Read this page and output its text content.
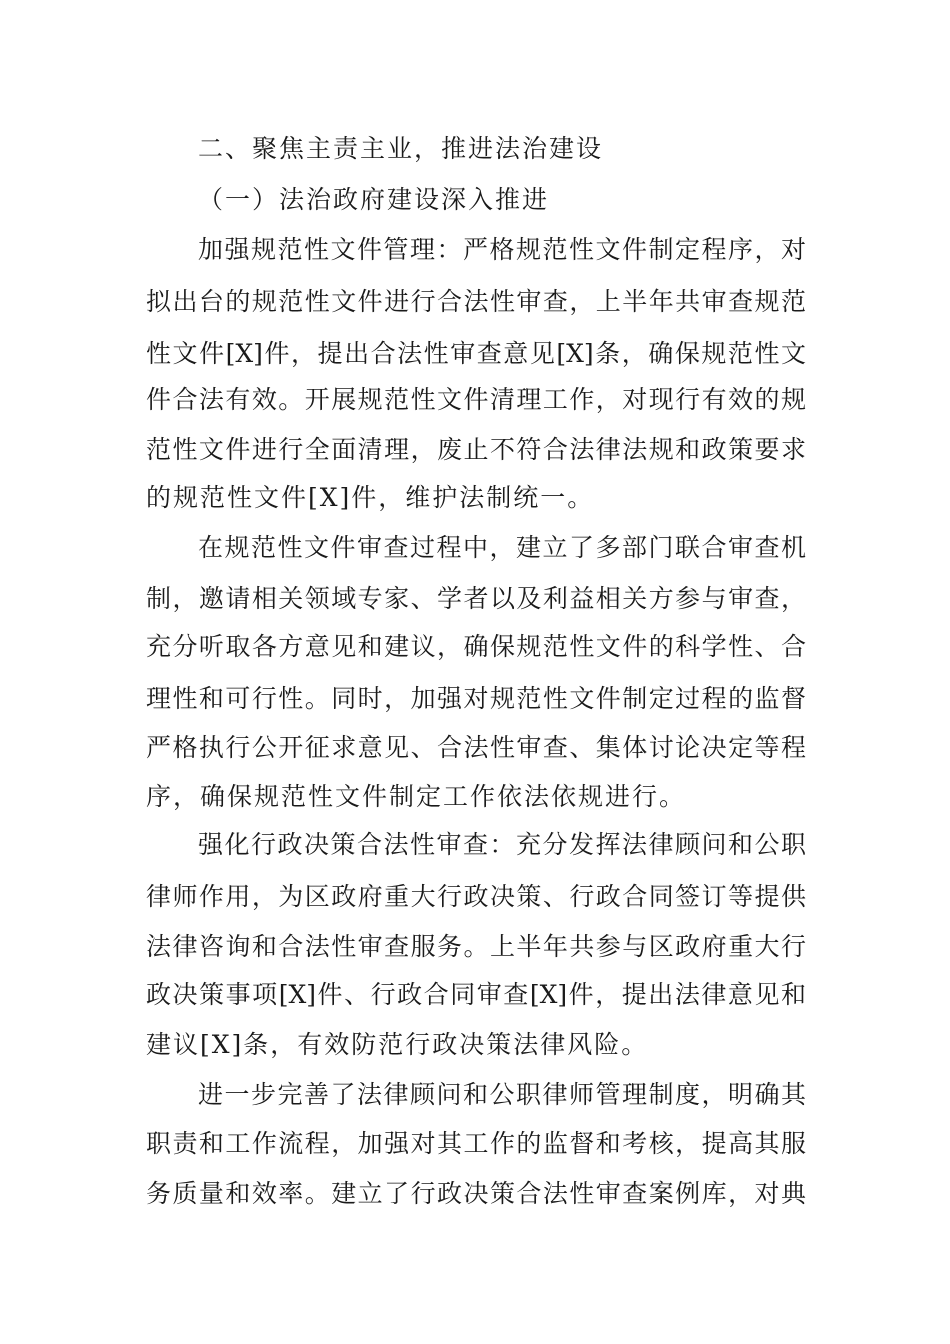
二、聚焦主责主业，推进法治建设
（一）法治政府建设深入推进
加强规范性文件管理：严格规范性文件制定程序，对
拟出台的规范性文件进行合法性审查，上半年共审查规范
性文件[X]件，提出合法性审查意见[X]条，确保规范性文
件合法有效。开展规范性文件清理工作，对现行有效的规
范性文件进行全面清理，废止不符合法律法规和政策要求
的规范性文件[X]件，维护法制统一。
在规范性文件审查过程中，建立了多部门联合审查机
制，邀请相关领域专家、学者以及利益相关方参与审查，
充分听取各方意见和建议，确保规范性文件的科学性、合
理性和可行性。同时，加强对规范性文件制定过程的监督
严格执行公开征求意见、合法性审查、集体讨论决定等程
序，确保规范性文件制定工作依法依规进行。
强化行政决策合法性审查：充分发挥法律顾问和公职
律师作用，为区政府重大行政决策、行政合同签订等提供
法律咨询和合法性审查服务。上半年共参与区政府重大行
政决策事项[X]件、行政合同审查[X]件，提出法律意见和
建议[X]条，有效防范行政决策法律风险。
进一步完善了法律顾问和公职律师管理制度，明确其
职责和工作流程，加强对其工作的监督和考核，提高其服
务质量和效率。建立了行政决策合法性审查案例库，对典
